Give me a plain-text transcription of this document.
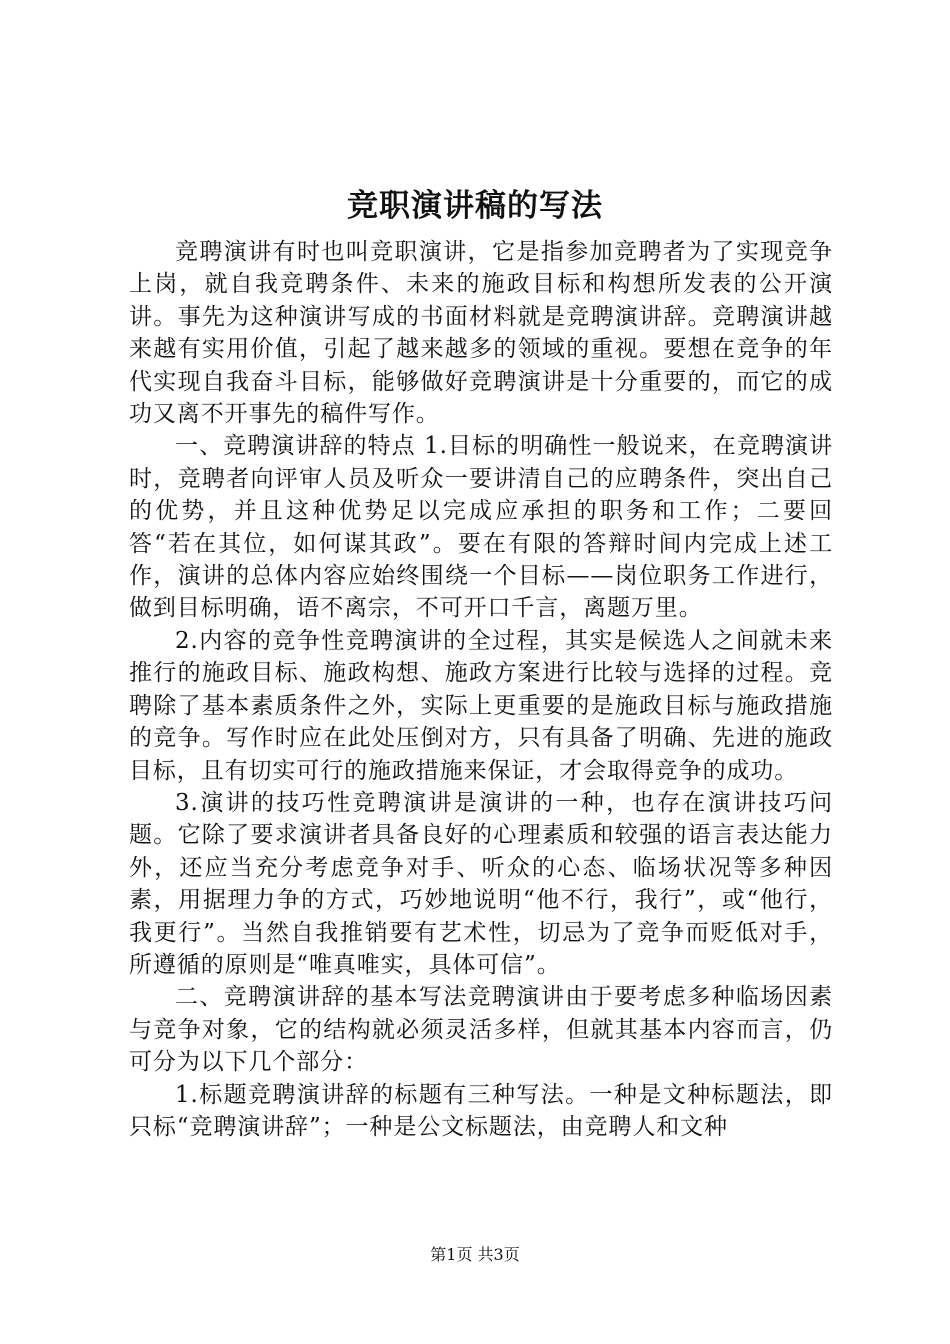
竞职演讲稿的写法

竞聘演讲有时也叫竞职演讲，它是指参加竞聘者为了实现竞争上岗，就自我竞聘条件、未来的施政目标和构想所发表的公开演讲。事先为这种演讲写成的书面材料就是竞聘演讲辞。竞聘演讲越来越有实用价值，引起了越来越多的领域的重视。要想在竞争的年代实现自我奋斗目标，能够做好竞聘演讲是十分重要的，而它的成功又离不开事先的稿件写作。

一、竞聘演讲辞的特点 1.目标的明确性一般说来，在竞聘演讲时，竞聘者向评审人员及听众一要讲清自己的应聘条件，突出自己的优势，并且这种优势足以完成应承担的职务和工作；二要回答“若在其位，如何谋其政”。要在有限的答辩时间内完成上述工作，演讲的总体内容应始终围绕一个目标——岗位职务工作进行，做到目标明确，语不离宗，不可开口千言，离题万里。

2.内容的竞争性竞聘演讲的全过程，其实是候选人之间就未来推行的施政目标、施政构想、施政方案进行比较与选择的过程。竞聘除了基本素质条件之外，实际上更重要的是施政目标与施政措施的竞争。写作时应在此处压倒对方，只有具备了明确、先进的施政目标，且有切实可行的施政措施来保证，才会取得竞争的成功。

3.演讲的技巧性竞聘演讲是演讲的一种，也存在演讲技巧问题。它除了要求演讲者具备良好的心理素质和较强的语言表达能力外，还应当充分考虑竞争对手、听众的心态、临场状况等多种因素，用据理力争的方式，巧妙地说明“他不行，我行”，或“他行，我更行”。当然自我推销要有艺术性，切忌为了竞争而贬低对手，所遵循的原则是“唯真唯实，具体可信”。

二、竞聘演讲辞的基本写法竞聘演讲由于要考虑多种临场因素与竞争对象，它的结构就必须灵活多样，但就其基本内容而言，仍可分为以下几个部分：

1.标题竞聘演讲辞的标题有三种写法。一种是文种标题法，即只标“竞聘演讲辞”；一种是公文标题法，由竞聘人和文种

第1页 共3页
